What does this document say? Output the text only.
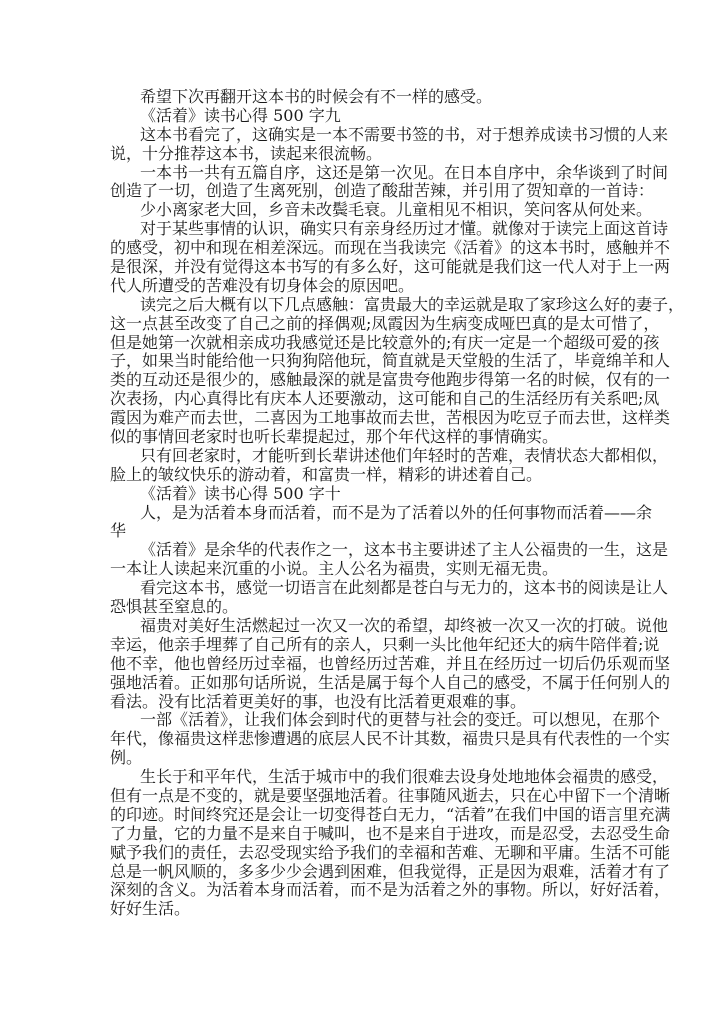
希望下次再翻开这本书的时候会有不一样的感受。
《活着》读书心得 500 字九
这本书看完了，这确实是一本不需要书签的书，对于想养成读书习惯的人来
说，十分推荐这本书，读起来很流畅。
一本书一共有五篇自序，这还是第一次见。在日本自序中，余华谈到了时间
创造了一切，创造了生离死别，创造了酸甜苦辣，并引用了贺知章的一首诗：
少小离家老大回，乡音未改鬓毛衰。儿童相见不相识，笑问客从何处来。
对于某些事情的认识，确实只有亲身经历过才懂。就像对于读完上面这首诗
的感受，初中和现在相差深远。而现在当我读完《活着》的这本书时，感触并不
是很深，并没有觉得这本书写的有多么好，这可能就是我们这一代人对于上一两
代人所遭受的苦难没有切身体会的原因吧。
读完之后大概有以下几点感触：富贵最大的幸运就是取了家珍这么好的妻子，
这一点甚至改变了自己之前的择偶观;凤霞因为生病变成哑巴真的是太可惜了，
但是她第一次就相亲成功我感觉还是比较意外的;有庆一定是一个超级可爱的孩
子，如果当时能给他一只狗狗陪他玩，简直就是天堂般的生活了，毕竟绵羊和人
类的互动还是很少的，感触最深的就是富贵夸他跑步得第一名的时候，仅有的一
次表扬，内心真得比有庆本人还要激动，这可能和自己的生活经历有关系吧;凤
霞因为难产而去世，二喜因为工地事故而去世，苦根因为吃豆子而去世，这样类
似的事情回老家时也听长辈提起过，那个年代这样的事情确实。
只有回老家时，才能听到长辈讲述他们年轻时的苦难，表情状态大都相似，
脸上的皱纹快乐的游动着，和富贵一样，精彩的讲述着自己。
《活着》读书心得 500 字十
人，是为活着本身而活着，而不是为了活着以外的任何事物而活着——余
华
《活着》是余华的代表作之一，这本书主要讲述了主人公福贵的一生，这是
一本让人读起来沉重的小说。主人公名为福贵，实则无福无贵。
看完这本书，感觉一切语言在此刻都是苍白与无力的，这本书的阅读是让人
恐惧甚至窒息的。
福贵对美好生活燃起过一次又一次的希望，却终被一次又一次的打破。说他
幸运，他亲手埋葬了自己所有的亲人，只剩一头比他年纪还大的病牛陪伴着;说
他不幸，他也曾经历过幸福，也曾经历过苦难，并且在经历过一切后仍乐观而坚
强地活着。正如那句话所说，生活是属于每个人自己的感受，不属于任何别人的
看法。没有比活着更美好的事，也没有比活着更艰难的事。
一部《活着》，让我们体会到时代的更替与社会的变迁。可以想见，在那个
年代，像福贵这样悲惨遭遇的底层人民不计其数，福贵只是具有代表性的一个实
例。
生长于和平年代，生活于城市中的我们很难去设身处地地体会福贵的感受，
但有一点是不变的，就是要坚强地活着。往事随风逝去，只在心中留下一个清晰
的印迹。时间终究还是会让一切变得苍白无力，“活着”在我们中国的语言里充满
了力量，它的力量不是来自于喊叫，也不是来自于进攻，而是忍受，去忍受生命
赋予我们的责任，去忍受现实给予我们的幸福和苦难、无聊和平庸。生活不可能
总是一帆风顺的，多多少少会遇到困难，但我觉得，正是因为艰难，活着才有了
深刻的含义。为活着本身而活着，而不是为活着之外的事物。所以，好好活着，
好好生活。
